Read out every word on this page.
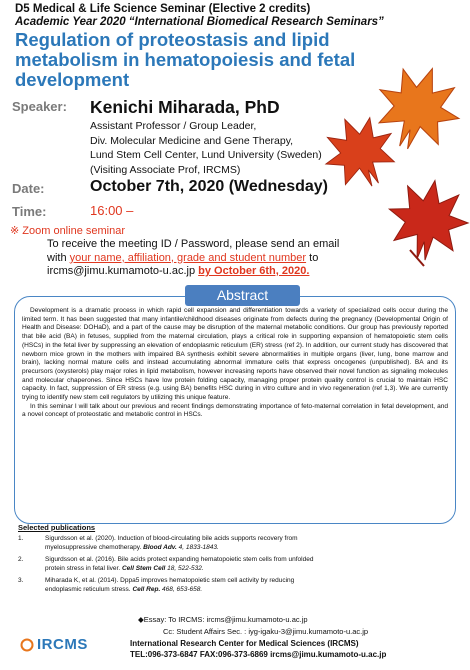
D5 Medical & Life Science Seminar (Elective 2 credits)
Academic Year 2020 “International Biomedical Research Seminars”
Regulation of proteostasis and lipid metabolism in hematopoiesis and fetal development
Speaker: Kenichi Miharada, PhD
Assistant Professor / Group Leader,
Div. Molecular Medicine and Gene Therapy,
Lund Stem Cell Center, Lund University (Sweden)
(Visiting Associate Prof, IRCMS)
Date:	October 7th, 2020 (Wednesday)
Time:	16:00 –
※ Zoom online seminar
To receive the meeting ID / Password, please send an email
with your name, affiliation, grade and student number to
ircms@jimu.kumamoto-u.ac.jp by October 6th, 2020.
Abstract

Development is a dramatic process in which rapid cell expansion and differentiation towards a variety of specialized cells occur during the limited term. It has been suggested that many infantile/childhood diseases originate from defects during the pregnancy (Developmental Origin of Health and Disease: DOHaD), and a part of the cause may be disruption of the maternal metabolic conditions. Our group has previously reported that bile acid (BA) in fetuses, supplied from the maternal circulation, plays a critical role in supporting expansion of hematopoietic stem cells (HSCs) in the fetal liver by suppressing an elevation of endoplasmic reticulum (ER) stress (ref 2). In addition, our current study has discovered that newborn mice grown in the mothers with impaired BA synthesis exhibit severe abnormalities in multiple organs (liver, lung, bone marrow and brain), lacking normal mature cells and instead accumulating abnormal immature cells that express oncogenes (unpublished). BA and its precursors (oxysterols) play major roles in lipid metabolism, however increasing reports have observed their novel function as signaling molecules and molecular chaperones. Since HSCs have low protein folding capacity, managing proper protein quality control is crucial to maintain HSC capacity. In fact, suppression of ER stress (e.g. using BA) benefits HSC during in vitro culture and in vivo regeneration (ref 1,3). We are currently trying to identify new stem cell regulators by utilizing this unique feature.

In this seminar I will talk about our previous and recent findings demonstrating importance of feto-maternal correlation in fetal development, and a novel concept of proteostatic and metabolic control in HSCs.

Selected publications
1.	Sigurdsson et al. (2020). Induction of blood-circulating bile acids supports recovery from myelosuppressive chemotherapy. Blood Adv. 4, 1833-1843.
2.	Sigurdsson et al. (2016). Bile acids protect expanding hematopoietic stem cells from unfolded protein stress in fetal liver. Cell Stem Cell 18, 522-532.
3.	Miharada K, et al. (2014). Dppa5 improves hematopoietic stem cell activity by reducing endoplasmic reticulum stress. Cell Rep. 468, 653-658.
IRCMS
◆Essay: To IRCMS: ircms@jimu.kumamoto-u.ac.jp
Cc: Student Affairs Sec. : iyg-igaku-3@jimu.kumamoto-u.ac.jp
International Research Center for Medical Sciences (IRCMS)
TEL:096-373-6847 FAX:096-373-6869 ircms@jimu.kumamoto-u.ac.jp
